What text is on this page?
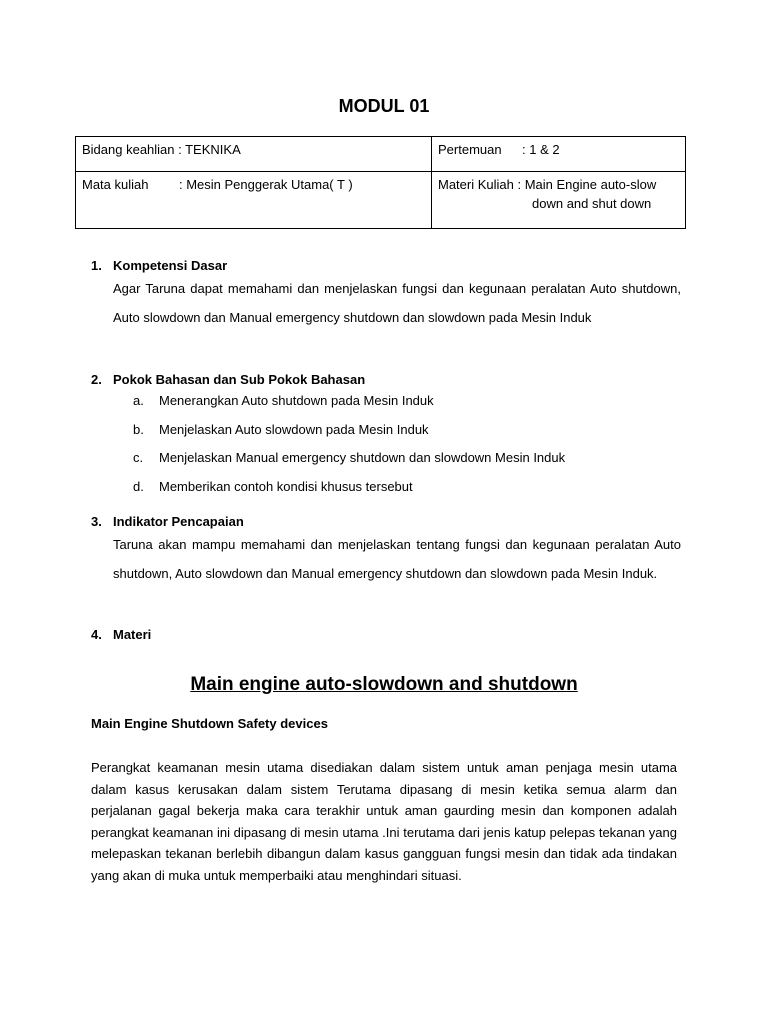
MODUL 01
Bidang keahlian : TEKNIKA	Pertemuan : 1 & 2
Mata kuliah : Mesin Penggerak Utama( T )	Materi Kuliah : Main Engine auto-slow
down and shut down
1. Kompetensi Dasar
Agar Taruna dapat memahami dan menjelaskan fungsi dan kegunaan peralatan Auto shutdown, Auto slowdown dan Manual emergency shutdown dan slowdown pada Mesin Induk
2. Pokok Bahasan dan Sub Pokok Bahasan
a. Menerangkan Auto shutdown pada Mesin Induk
b. Menjelaskan Auto slowdown pada Mesin Induk
c. Menjelaskan Manual emergency shutdown dan slowdown Mesin Induk
d. Memberikan contoh kondisi khusus tersebut
3. Indikator Pencapaian
Taruna akan mampu memahami dan menjelaskan tentang fungsi dan kegunaan peralatan Auto shutdown, Auto slowdown dan Manual emergency shutdown dan slowdown pada Mesin Induk.
4. Materi
Main engine auto-slowdown and shutdown
Main Engine Shutdown Safety devices
Perangkat keamanan mesin utama disediakan dalam sistem untuk aman penjaga mesin utama dalam kasus kerusakan dalam sistem Terutama dipasang di mesin ketika semua alarm dan perjalanan gagal bekerja maka cara terakhir untuk aman gaurding mesin dan komponen adalah perangkat keamanan ini dipasang di mesin utama .Ini terutama dari jenis katup pelepas tekanan yang melepaskan tekanan berlebih dibangun dalam kasus gangguan fungsi mesin dan tidak ada tindakan yang akan di muka untuk memperbaiki atau menghindari situasi.
